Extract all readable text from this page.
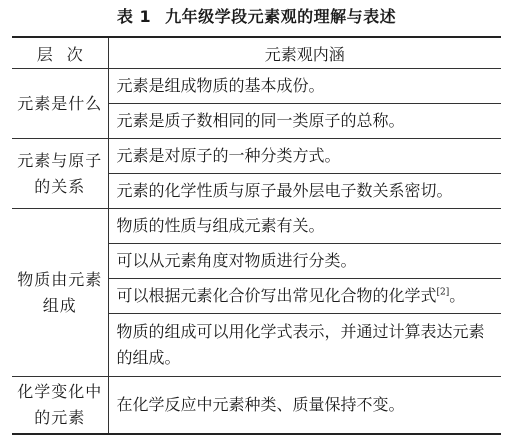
表 1 九年级学段元素观的理解与表述
层次	元素观内涵
元素是什么	元素是组成物质的基本成份。
	元素是质子数相同的同一类原子的总称。
元素与原子的关系	元素是对原子的一种分类方式。
	元素的化学性质与原子最外层电子数关系密切。
物质由元素组成	物质的性质与组成元素有关。
	可以从元素角度对物质进行分类。
	可以根据元素化合价写出常见化合物的化学式[2]。
	物质的组成可以用化学式表示，并通过计算表达元素的组成。
化学变化中的元素	在化学反应中元素种类、质量保持不变。
